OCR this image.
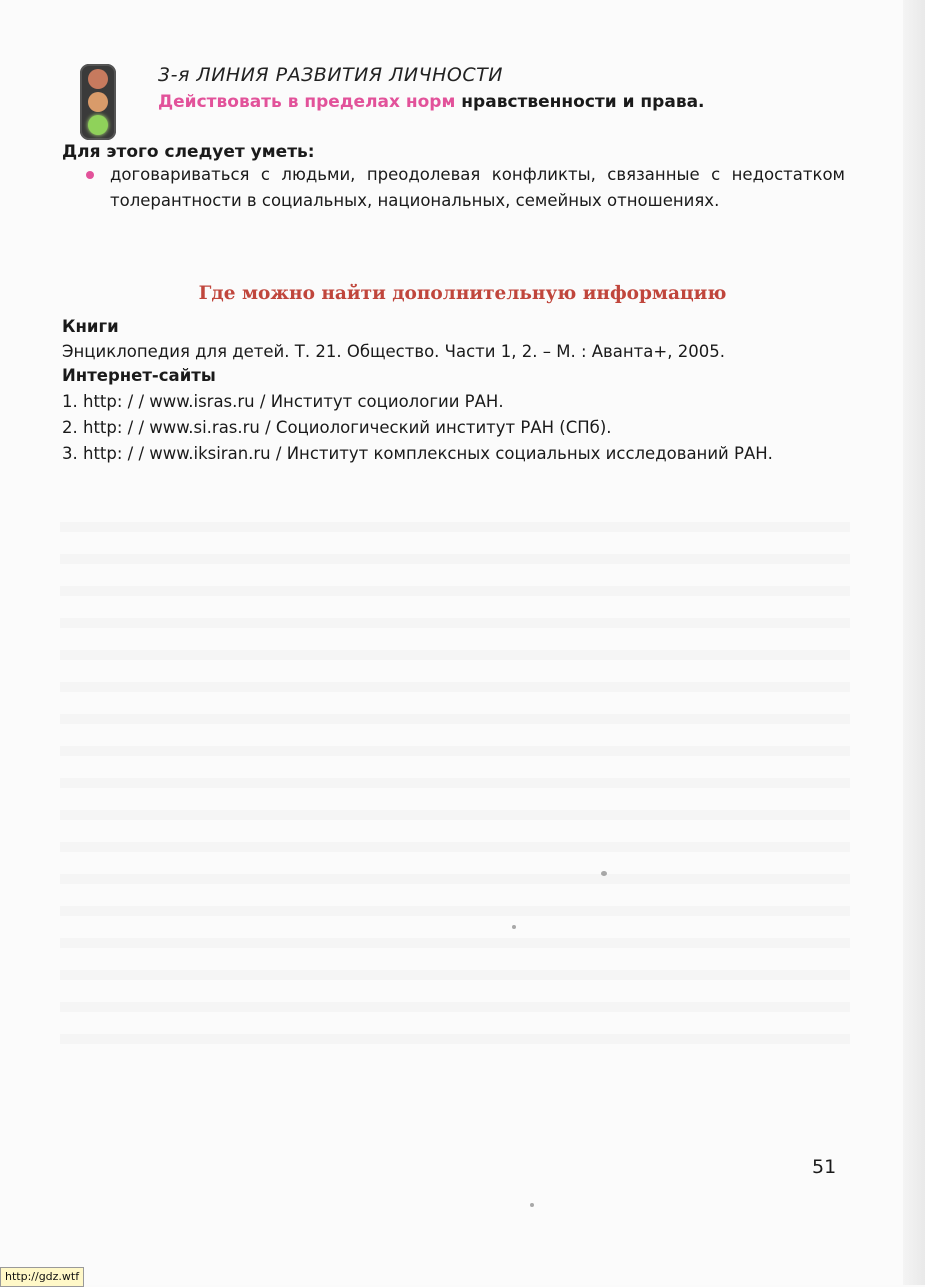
3-я ЛИНИЯ РАЗВИТИЯ ЛИЧНОСТИ
Действовать в пределах норм нравственности и права.
Для этого следует уметь:
договариваться с людьми, преодолевая конфликты, связанные с недостатком толерантности в социальных, национальных, семейных отношениях.
Где можно найти дополнительную информацию
Книги
Энциклопедия для детей. Т. 21. Общество. Части 1, 2. – М. : Аванта+, 2005.
Интернет-сайты
1. http: / / www.isras.ru / Институт социологии РАН.
2. http: / / www.si.ras.ru / Социологический институт РАН (СПб).
3. http: / / www.iksiran.ru / Институт комплексных социальных исследований РАН.
51
http://gdz.wtf
